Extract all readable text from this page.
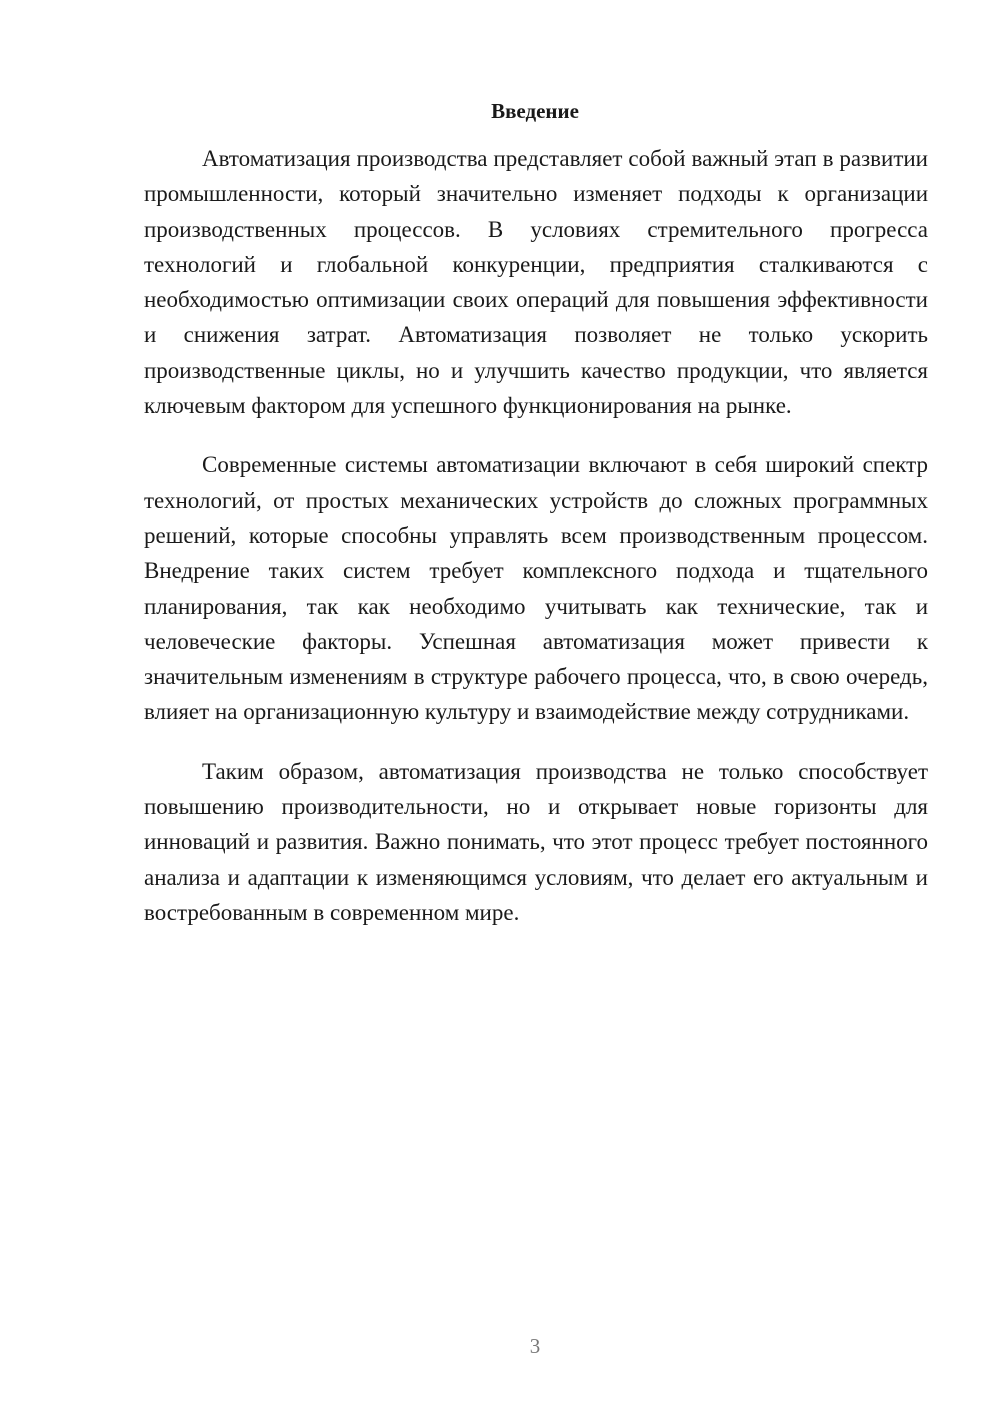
Введение

Автоматизация производства представляет собой важный этап в развитии промышленности, который значительно изменяет подходы к организации производственных процессов. В условиях стремительного прогресса технологий и глобальной конкуренции, предприятия сталкиваются с необходимостью оптимизации своих операций для повышения эффективности и снижения затрат. Автоматизация позволяет не только ускорить производственные циклы, но и улучшить качество продукции, что является ключевым фактором для успешного функционирования на рынке.

Современные системы автоматизации включают в себя широкий спектр технологий, от простых механических устройств до сложных программных решений, которые способны управлять всем производственным процессом. Внедрение таких систем требует комплексного подхода и тщательного планирования, так как необходимо учитывать как технические, так и человеческие факторы. Успешная автоматизация может привести к значительным изменениям в структуре рабочего процесса, что, в свою очередь, влияет на организационную культуру и взаимодействие между сотрудниками.

Таким образом, автоматизация производства не только способствует повышению производительности, но и открывает новые горизонты для инноваций и развития. Важно понимать, что этот процесс требует постоянного анализа и адаптации к изменяющимся условиям, что делает его актуальным и востребованным в современном мире.

3
